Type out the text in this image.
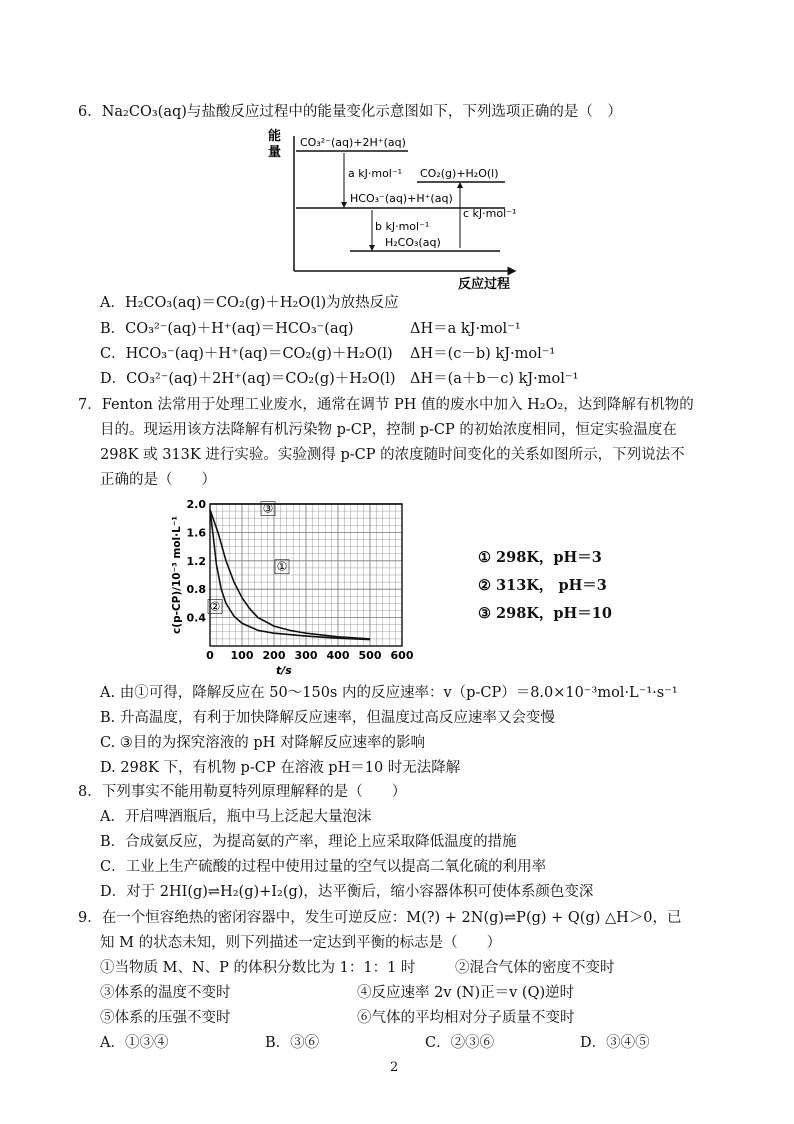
6．Na₂CO₃(aq)与盐酸反应过程中的能量变化示意图如下，下列选项正确的是（　）
能
量
反应过程
CO₃²⁻(aq)+2H⁺(aq)
CO₂(g)+H₂O(l)
HCO₃⁻(aq)+H⁺(aq)
H₂CO₃(aq)
a kJ·mol⁻¹
b kJ·mol⁻¹
c kJ·mol⁻¹
A．H₂CO₃(aq)＝CO₂(g)＋H₂O(l)为放热反应
B．CO₃²⁻(aq)＋H⁺(aq)＝HCO₃⁻(aq)	ΔH＝a kJ·mol⁻¹
C．HCO₃⁻(aq)＋H⁺(aq)＝CO₂(g)＋H₂O(l) ΔH＝(c－b) kJ·mol⁻¹
D．CO₃²⁻(aq)＋2H⁺(aq)＝CO₂(g)＋H₂O(l) ΔH＝(a＋b－c) kJ·mol⁻¹
7．Fenton 法常用于处理工业废水，通常在调节 PH 值的废水中加入 H₂O₂，达到降解有机物的
目的。现运用该方法降解有机污染物 p-CP，控制 p-CP 的初始浓度相同，恒定实验温度在
298K 或 313K 进行实验。实验测得 p-CP 的浓度随时间变化的关系如图所示，下列说法不
正确的是（　　）
0 100 200 300 400 500 600
0.4
0.8
1.2
1.6
2.0
t/s
c(p-CP)/10⁻³ mol·L⁻¹	①
②
③
① 298K，pH＝3
② 313K， pH＝3
③ 298K，pH＝10
A. 由①可得，降解反应在 50～150s 内的反应速率：v（p-CP）＝8.0×10⁻³mol·L⁻¹·s⁻¹
B. 升高温度，有利于加快降解反应速率，但温度过高反应速率又会变慢
C. ③目的为探究溶液的 pH 对降解反应速率的影响
D. 298K 下，有机物 p-CP 在溶液 pH＝10 时无法降解
8．下列事实不能用勒夏特列原理解释的是（　　）
A．开启啤酒瓶后，瓶中马上泛起大量泡沫
B．合成氨反应，为提高氨的产率，理论上应采取降低温度的措施
C．工业上生产硫酸的过程中使用过量的空气以提高二氧化硫的利用率
D．对于 2HI(g)⇌H₂(g)+I₂(g)，达平衡后，缩小容器体积可使体系颜色变深
9．在一个恒容绝热的密闭容器中，发生可逆反应：M(?) + 2N(g)⇌P(g) + Q(g) △H＞0，已
知 M 的状态未知，则下列描述一定达到平衡的标志是（　　）
①当物质 M、N、P 的体积分数比为 1：1：1 时	②混合气体的密度不变时
③体系的温度不变时	④反应速率 2v (N)正＝v (Q)逆时
⑤体系的压强不变时	⑥气体的平均相对分子质量不变时
A．①③④	B．③⑥	C．②③⑥	D．③④⑤
2
